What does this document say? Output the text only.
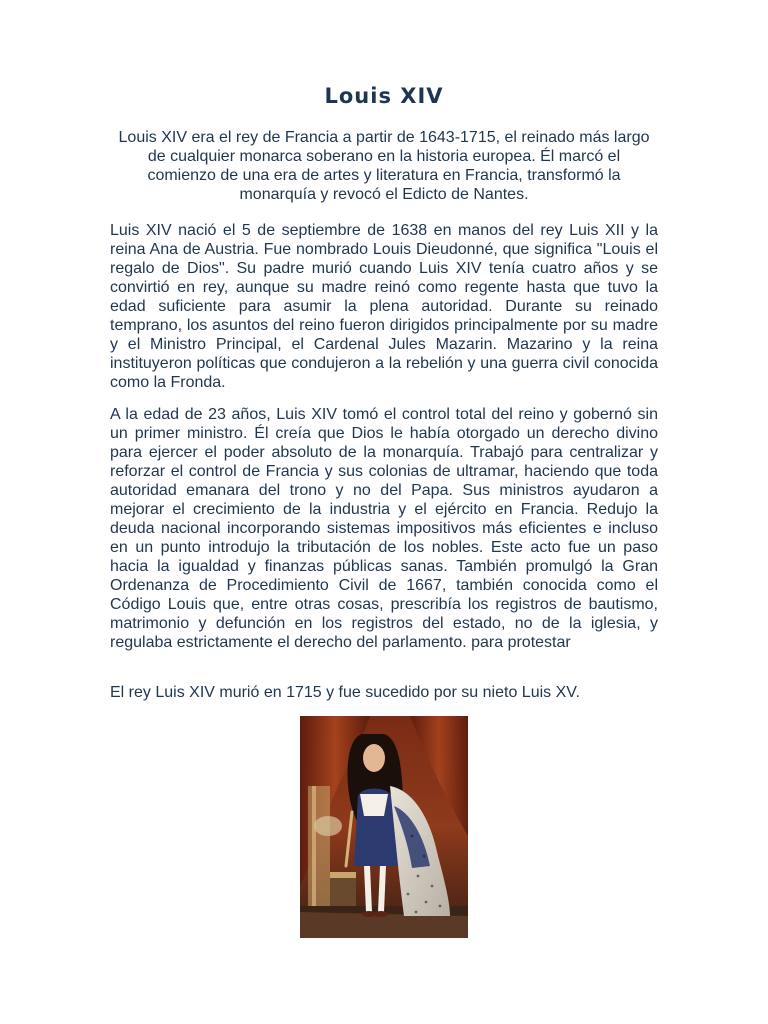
Louis XIV

Louis XIV era el rey de Francia a partir de 1643-1715, el reinado más largo de cualquier monarca soberano en la historia europea. Él marcó el comienzo de una era de artes y literatura en Francia, transformó la monarquía y revocó el Edicto de Nantes.

Luis XIV nació el 5 de septiembre de 1638 en manos del rey Luis XII y la reina Ana de Austria. Fue nombrado Louis Dieudonné, que significa "Louis el regalo de Dios". Su padre murió cuando Luis XIV tenía cuatro años y se convirtió en rey, aunque su madre reinó como regente hasta que tuvo la edad suficiente para asumir la plena autoridad. Durante su reinado temprano, los asuntos del reino fueron dirigidos principalmente por su madre y el Ministro Principal, el Cardenal Jules Mazarin. Mazarino y la reina instituyeron políticas que condujeron a la rebelión y una guerra civil conocida como la Fronda.

A la edad de 23 años, Luis XIV tomó el control total del reino y gobernó sin un primer ministro. Él creía que Dios le había otorgado un derecho divino para ejercer el poder absoluto de la monarquía. Trabajó para centralizar y reforzar el control de Francia y sus colonias de ultramar, haciendo que toda autoridad emanara del trono y no del Papa. Sus ministros ayudaron a mejorar el crecimiento de la industria y el ejército en Francia. Redujo la deuda nacional incorporando sistemas impositivos más eficientes e incluso en un punto introdujo la tributación de los nobles. Este acto fue un paso hacia la igualdad y finanzas públicas sanas. También promulgó la Gran Ordenanza de Procedimiento Civil de 1667, también conocida como el Código Louis que, entre otras cosas, prescribía los registros de bautismo, matrimonio y defunción en los registros del estado, no de la iglesia, y regulaba estrictamente el derecho del parlamento. para protestar

El rey Luis XIV murió en 1715 y fue sucedido por su nieto Luis XV.
